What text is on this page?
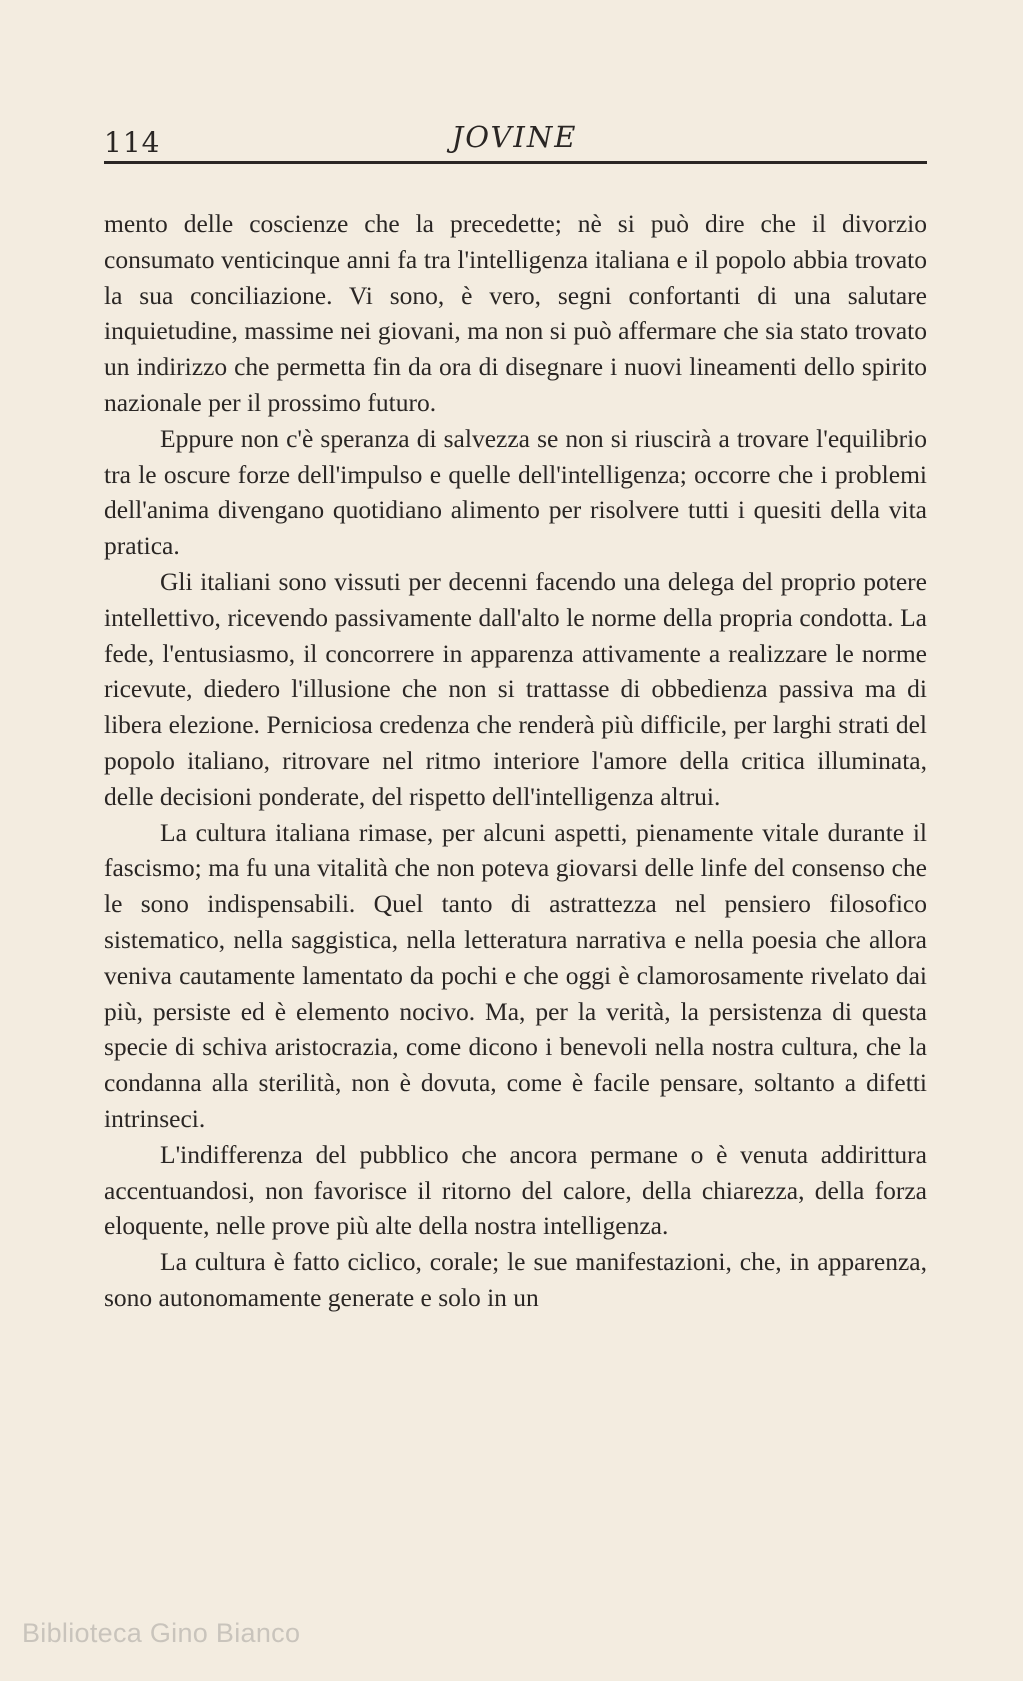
114	JOVINE

mento delle coscienze che la precedette; nè si può dire che il divorzio consumato venticinque anni fa tra l'intelligenza italiana e il popolo abbia trovato la sua conciliazione. Vi sono, è vero, segni confortanti di una salutare inquietudine, massime nei giovani, ma non si può affermare che sia stato trovato un indirizzo che permetta fin da ora di disegnare i nuovi lineamenti dello spirito nazionale per il prossimo futuro.

Eppure non c'è speranza di salvezza se non si riuscirà a trovare l'equilibrio tra le oscure forze dell'impulso e quelle dell'intelligenza; occorre che i problemi dell'anima divengano quotidiano alimento per risolvere tutti i quesiti della vita pratica.

Gli italiani sono vissuti per decenni facendo una delega del proprio potere intellettivo, ricevendo passivamente dall'alto le norme della propria condotta. La fede, l'entusiasmo, il concorrere in apparenza attivamente a realizzare le norme ricevute, diedero l'illusione che non si trattasse di obbedienza passiva ma di libera elezione. Perniciosa credenza che renderà più difficile, per larghi strati del popolo italiano, ritrovare nel ritmo interiore l'amore della critica illuminata, delle decisioni ponderate, del rispetto dell'intelligenza altrui.

La cultura italiana rimase, per alcuni aspetti, pienamente vitale durante il fascismo; ma fu una vitalità che non poteva giovarsi delle linfe del consenso che le sono indispensabili. Quel tanto di astrattezza nel pensiero filosofico sistematico, nella saggistica, nella letteratura narrativa e nella poesia che allora veniva cautamente lamentato da pochi e che oggi è clamorosamente rivelato dai più, persiste ed è elemento nocivo. Ma, per la verità, la persistenza di questa specie di schiva aristocrazia, come dicono i benevoli nella nostra cultura, che la condanna alla sterilità, non è dovuta, come è facile pensare, soltanto a difetti intrinseci.

L'indifferenza del pubblico che ancora permane o è venuta addirittura accentuandosi, non favorisce il ritorno del calore, della chiarezza, della forza eloquente, nelle prove più alte della nostra intelligenza.

La cultura è fatto ciclico, corale; le sue manifestazioni, che, in apparenza, sono autonomamente generate e solo in un

Biblioteca Gino Bianco
